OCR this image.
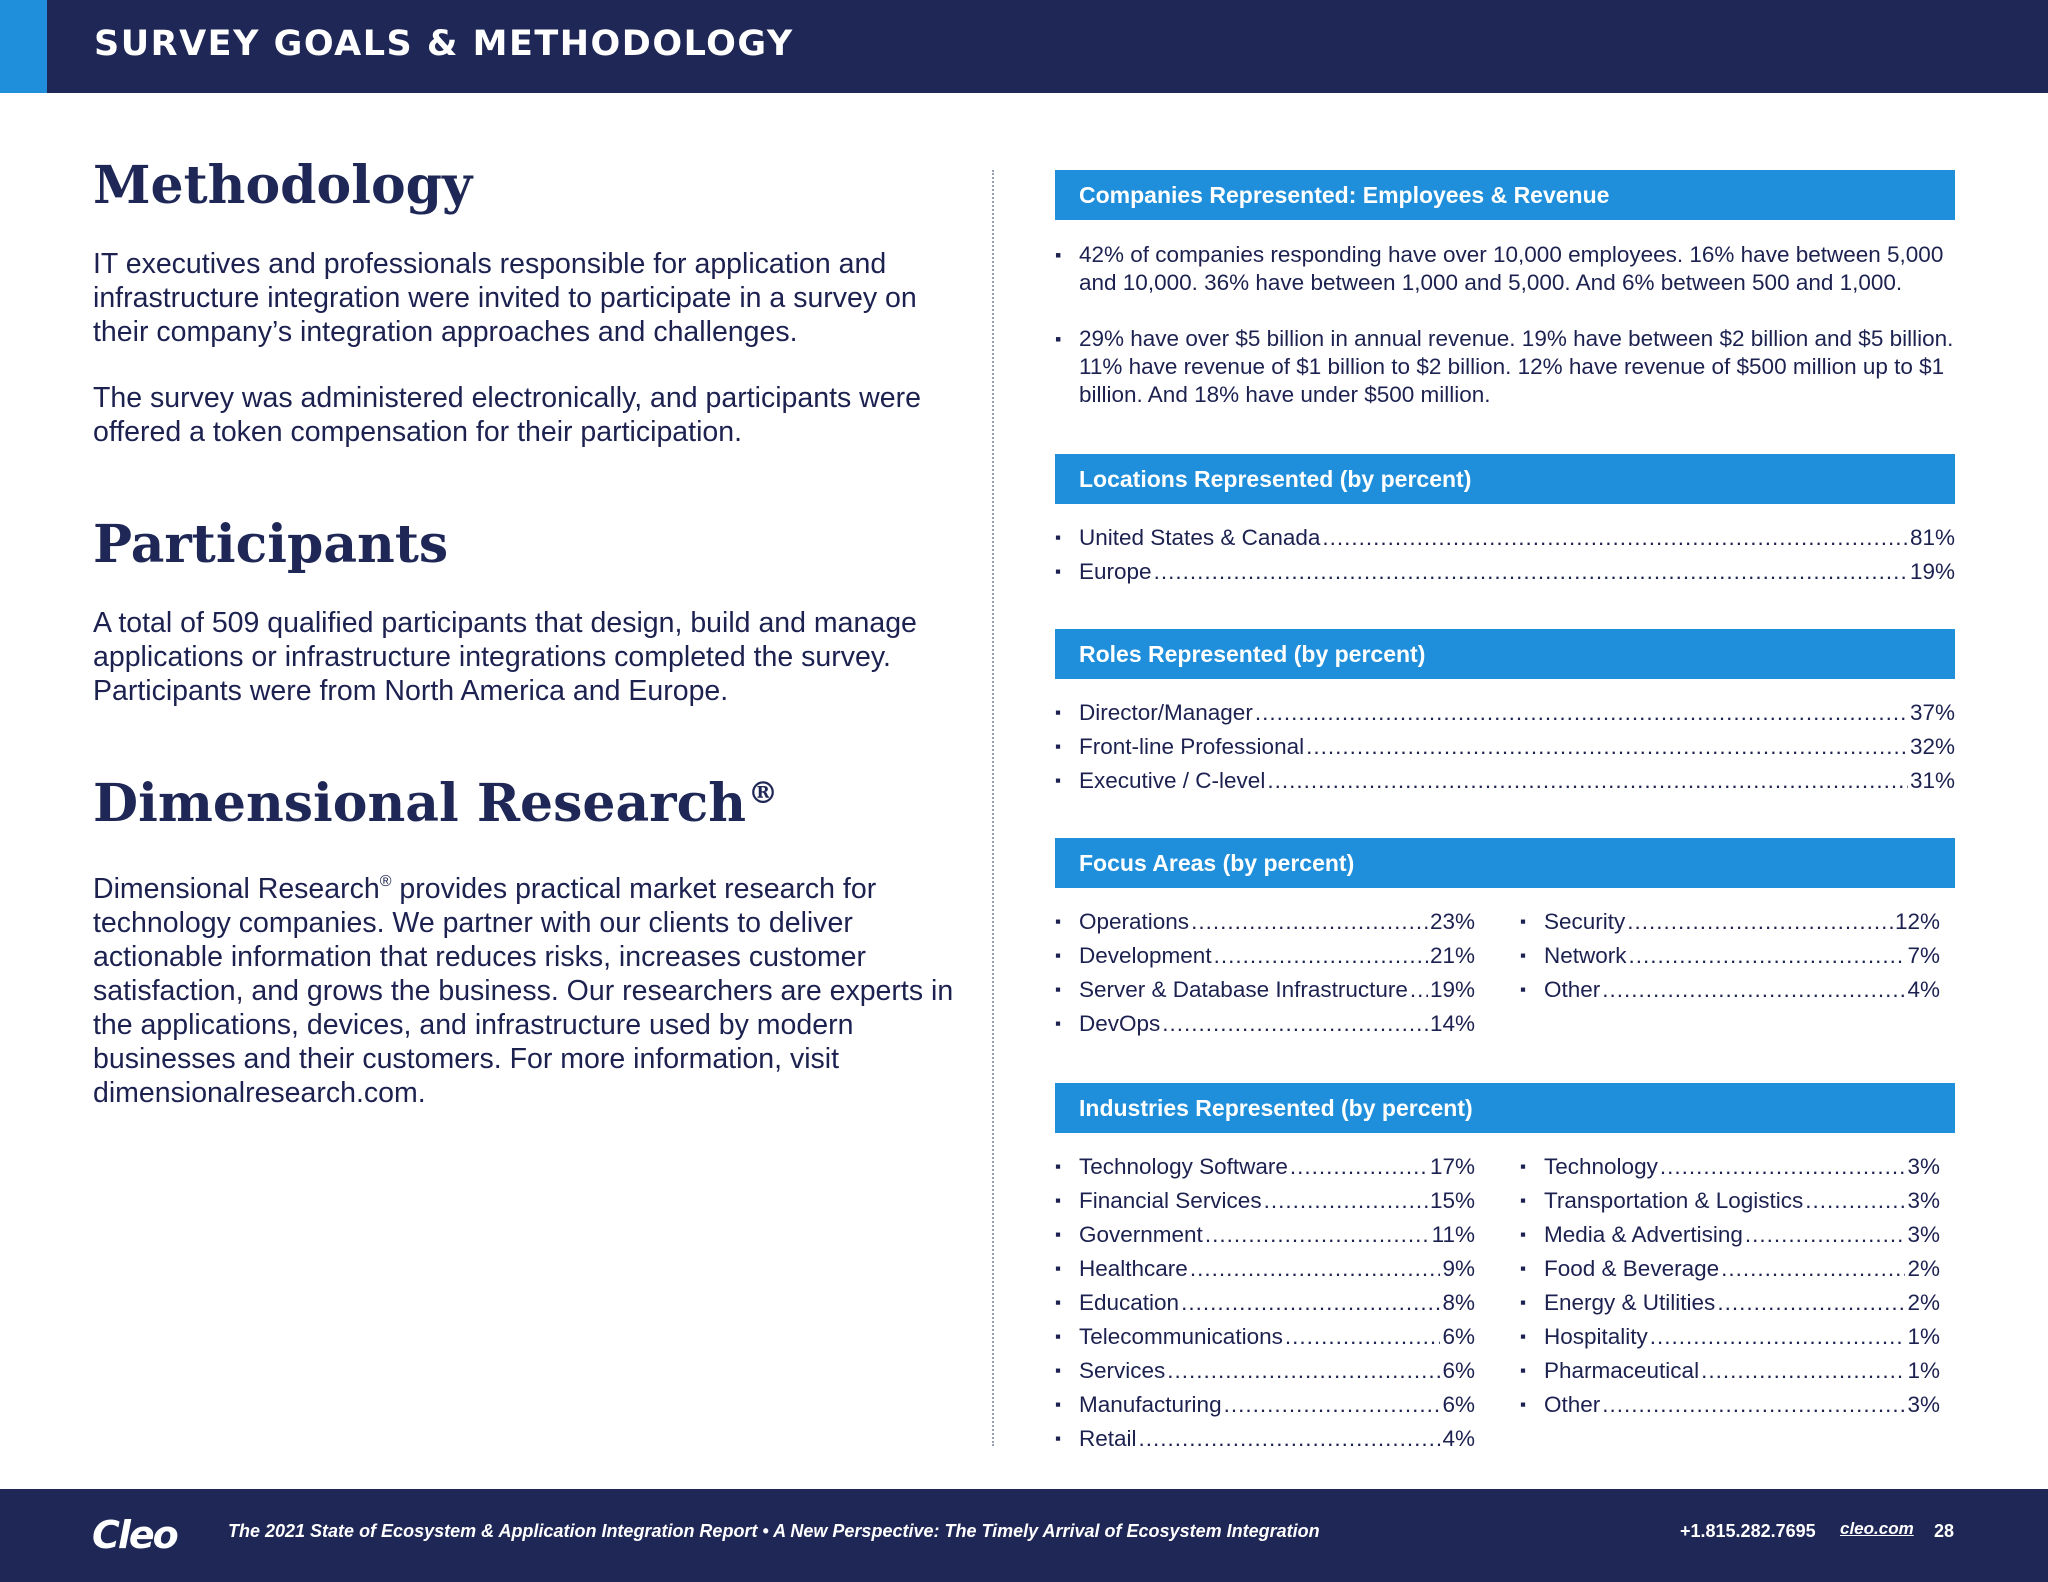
SURVEY GOALS & METHODOLOGY
Methodology

IT executives and professionals responsible for application and infrastructure integration were invited to participate in a survey on their company’s integration approaches and challenges.

The survey was administered electronically, and participants were offered a token compensation for their participation.

Participants

A total of 509 qualified participants that design, build and manage applications or infrastructure integrations completed the survey. Participants were from North America and Europe.

Dimensional Research®

Dimensional Research® provides practical market research for technology companies. We partner with our clients to deliver actionable information that reduces risks, increases customer satisfaction, and grows the business. Our researchers are experts in the applications, devices, and infrastructure used by modern businesses and their customers. For more information, visit dimensionalresearch.com.

Companies Represented: Employees & Revenue

▪ 42% of companies responding have over 10,000 employees. 16% have between 5,000 and 10,000. 36% have between 1,000 and 5,000. And 6% between 500 and 1,000.

▪ 29% have over $5 billion in annual revenue. 19% have between $2 billion and $5 billion. 11% have revenue of $1 billion to $2 billion. 12% have revenue of $500 million up to $1 billion. And 18% have under $500 million.

Locations Represented (by percent)
▪ United States & Canada .....	81%
▪ Europe .....	19%
Roles Represented (by percent)
▪ Director/Manager .....	37%
▪ Front-line Professional .....	32%
▪ Executive / C-level .....	31%
Focus Areas (by percent)
▪ Operations .....	23%
▪ Development .....	21%
▪ Server & Database Infrastructure ..... 19%
▪ DevOps .....	14%
▪ Security .....	12%
▪ Network .....	7%
▪ Other .....	4%
Industries Represented (by percent)
▪ Technology Software .....	17%
▪ Financial Services .....	15%
▪ Government .....	11%
▪ Healthcare .....	9%
▪ Education .....	8%
▪ Telecommunications .....	6%
▪ Services .....	6%
▪ Manufacturing .....	6%
▪ Retail .....	4%
▪ Technology .....	3%
▪ Transportation & Logistics .....	3%
▪ Media & Advertising .....	3%
▪ Food & Beverage .....	2%
▪ Energy & Utilities .....	2%
▪ Hospitality .....	1%
▪ Pharmaceutical .....	1%
▪ Other .....	3%
Cleo	The 2021 State of Ecosystem & Application Integration Report • A New Perspective: The Timely Arrival of Ecosystem Integration	+1.815.282.7695 cleo.com 28
